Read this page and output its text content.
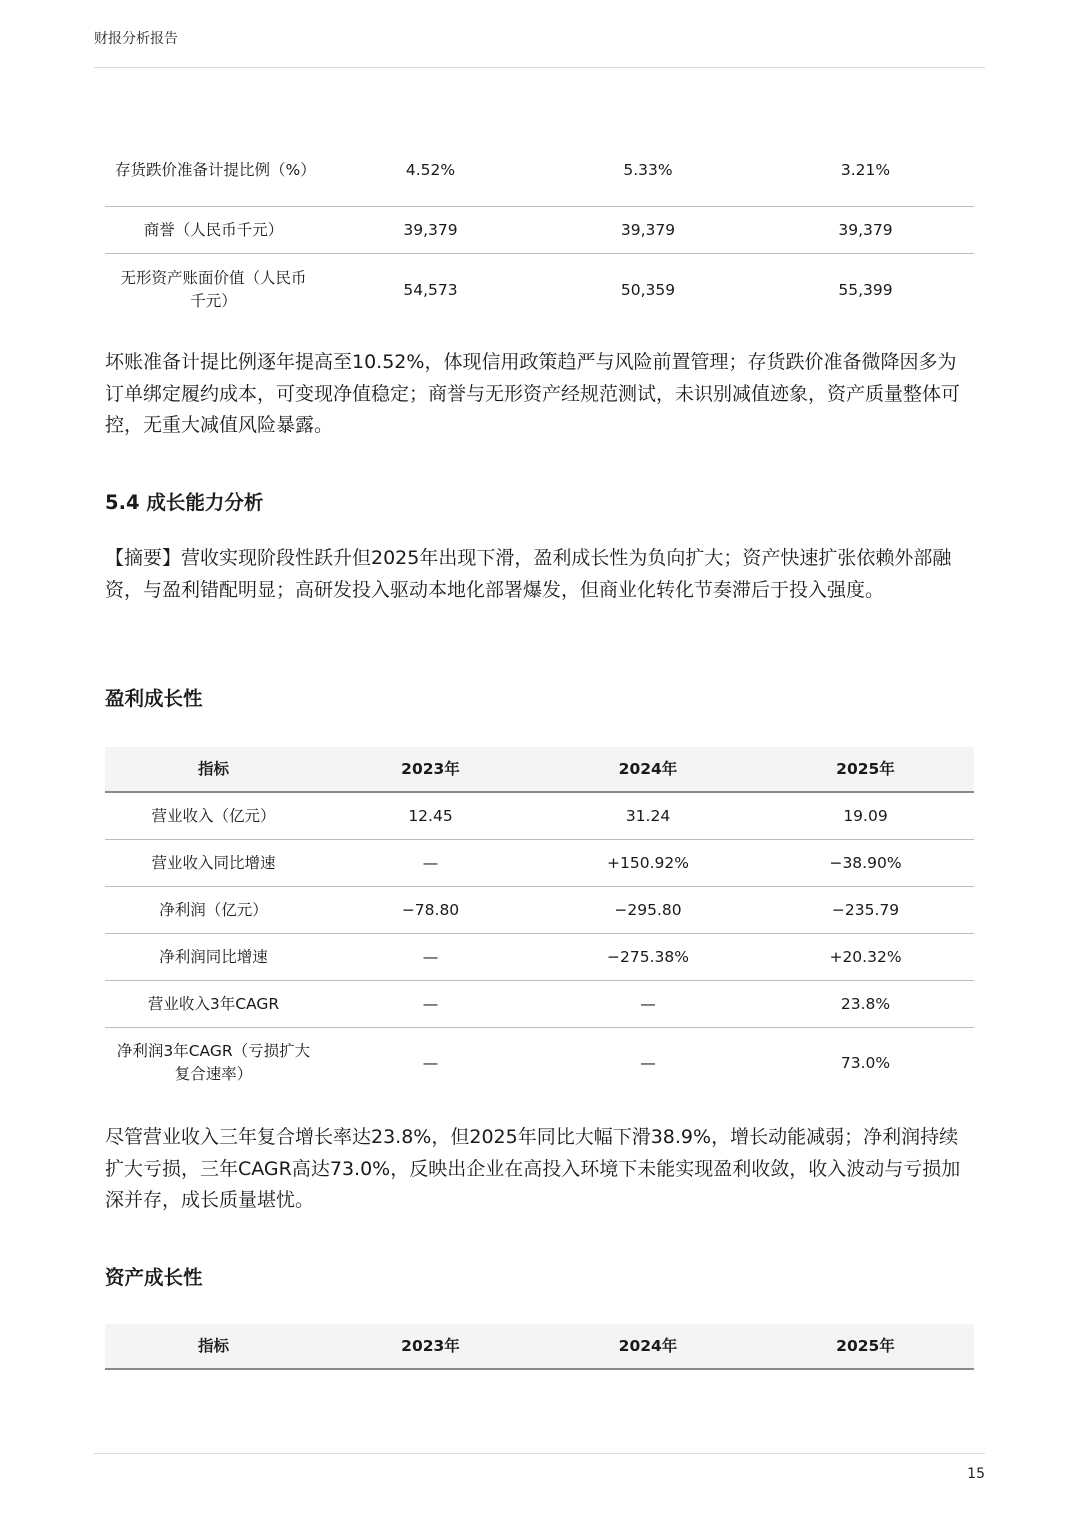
财报分析报告
存货跌价准备计提比例（%）	4.52%	5.33%	3.21%
商誉（人民币千元）	39,379	39,379	39,379
无形资产账面价值（人民币千元）	54,573	50,359	55,399

坏账准备计提比例逐年提高至10.52%，体现信用政策趋严与风险前置管理；存货跌价准备微降因多为订单绑定履约成本，可变现净值稳定；商誉与无形资产经规范测试，未识别减值迹象，资产质量整体可控，无重大减值风险暴露。

5.4 成长能力分析

【摘要】营收实现阶段性跃升但2025年出现下滑，盈利成长性为负向扩大；资产快速扩张依赖外部融资，与盈利错配明显；高研发投入驱动本地化部署爆发，但商业化转化节奏滞后于投入强度。

盈利成长性
指标	2023年	2024年	2025年
营业收入（亿元）	12.45	31.24	19.09
营业收入同比增速	—	+150.92%	−38.90%
净利润（亿元）	−78.80	−295.80	−235.79
净利润同比增速	—	−275.38%	+20.32%
营业收入3年CAGR	—	—	23.8%
净利润3年CAGR（亏损扩大复合速率）	—	—	73.0%

尽管营业收入三年复合增长率达23.8%，但2025年同比大幅下滑38.9%，增长动能减弱；净利润持续扩大亏损，三年CAGR高达73.0%，反映出企业在高投入环境下未能实现盈利收敛，收入波动与亏损加深并存，成长质量堪忧。

资产成长性
指标	2023年	2024年	2025年
15
